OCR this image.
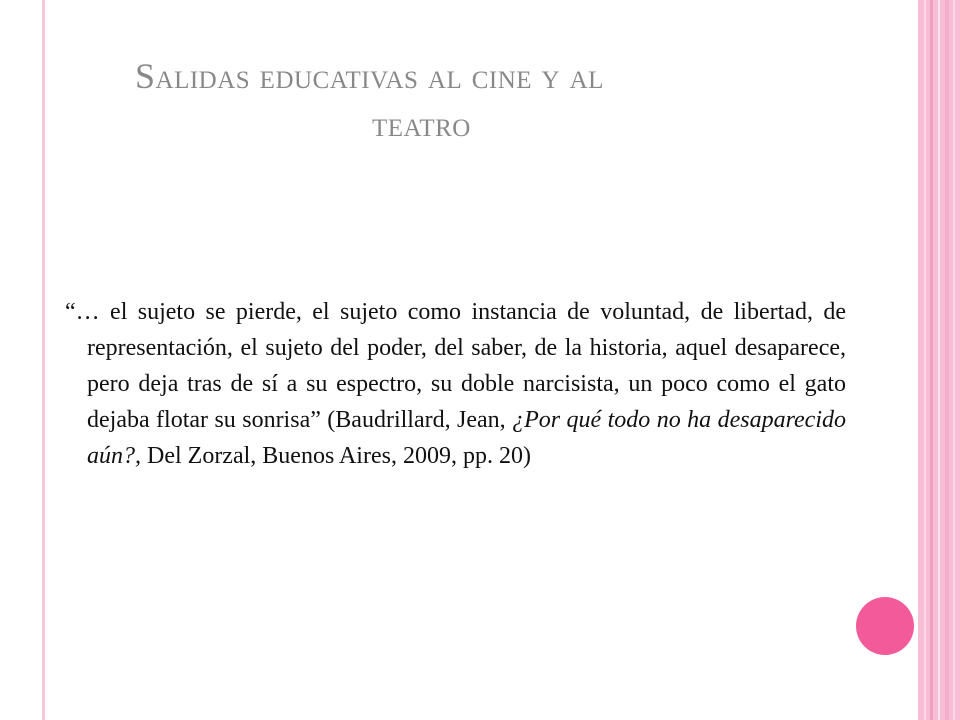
Salidas educativas al cine y al
teatro

“… el sujeto se pierde, el sujeto como instancia de voluntad, de libertad, de representación, el sujeto del poder, del saber, de la historia, aquel desaparece, pero deja tras de sí a su espectro, su doble narcisista, un poco como el gato dejaba flotar su sonrisa” (Baudrillard, Jean, ¿Por qué todo no ha desaparecido aún?, Del Zorzal, Buenos Aires, 2009, pp. 20)
